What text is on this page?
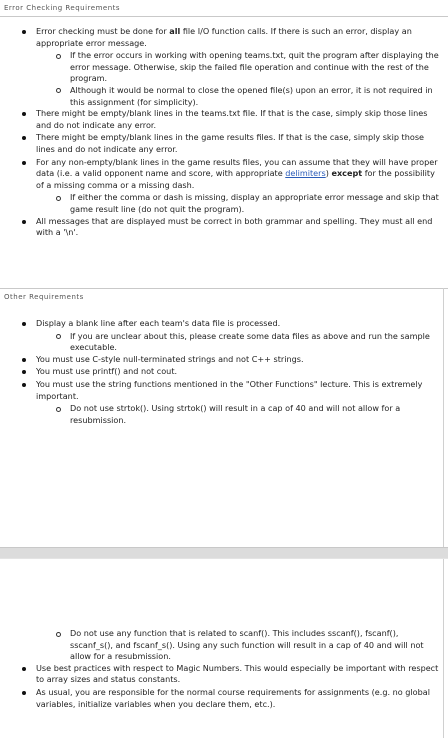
Error Checking Requirements
Error checking must be done for all file I/O function calls. If there is such an error, display an appropriate error message.
If the error occurs in working with opening teams.txt, quit the program after displaying the error message. Otherwise, skip the failed file operation and continue with the rest of the program.
Although it would be normal to close the opened file(s) upon an error, it is not required in this assignment (for simplicity).
There might be empty/blank lines in the teams.txt file. If that is the case, simply skip those lines and do not indicate any error.
There might be empty/blank lines in the game results files. If that is the case, simply skip those lines and do not indicate any error.
For any non-empty/blank lines in the game results files, you can assume that they will have proper data (i.e. a valid opponent name and score, with appropriate delimiters) except for the possibility of a missing comma or a missing dash.
If either the comma or dash is missing, display an appropriate error message and skip that game result line (do not quit the program).
All messages that are displayed must be correct in both grammar and spelling. They must all end with a '\n'.
Other Requirements
Display a blank line after each team's data file is processed.
If you are unclear about this, please create some data files as above and run the sample executable.
You must use C-style null-terminated strings and not C++ strings.
You must use printf() and not cout.
You must use the string functions mentioned in the "Other Functions" lecture. This is extremely important.
Do not use strtok(). Using strtok() will result in a cap of 40 and will not allow for a resubmission.
Do not use any function that is related to scanf(). This includes sscanf(), fscanf(), sscanf_s(), and fscanf_s(). Using any such function will result in a cap of 40 and will not allow for a resubmission.
Use best practices with respect to Magic Numbers. This would especially be important with respect to array sizes and status constants.
As usual, you are responsible for the normal course requirements for assignments (e.g. no global variables, initialize variables when you declare them, etc.).
